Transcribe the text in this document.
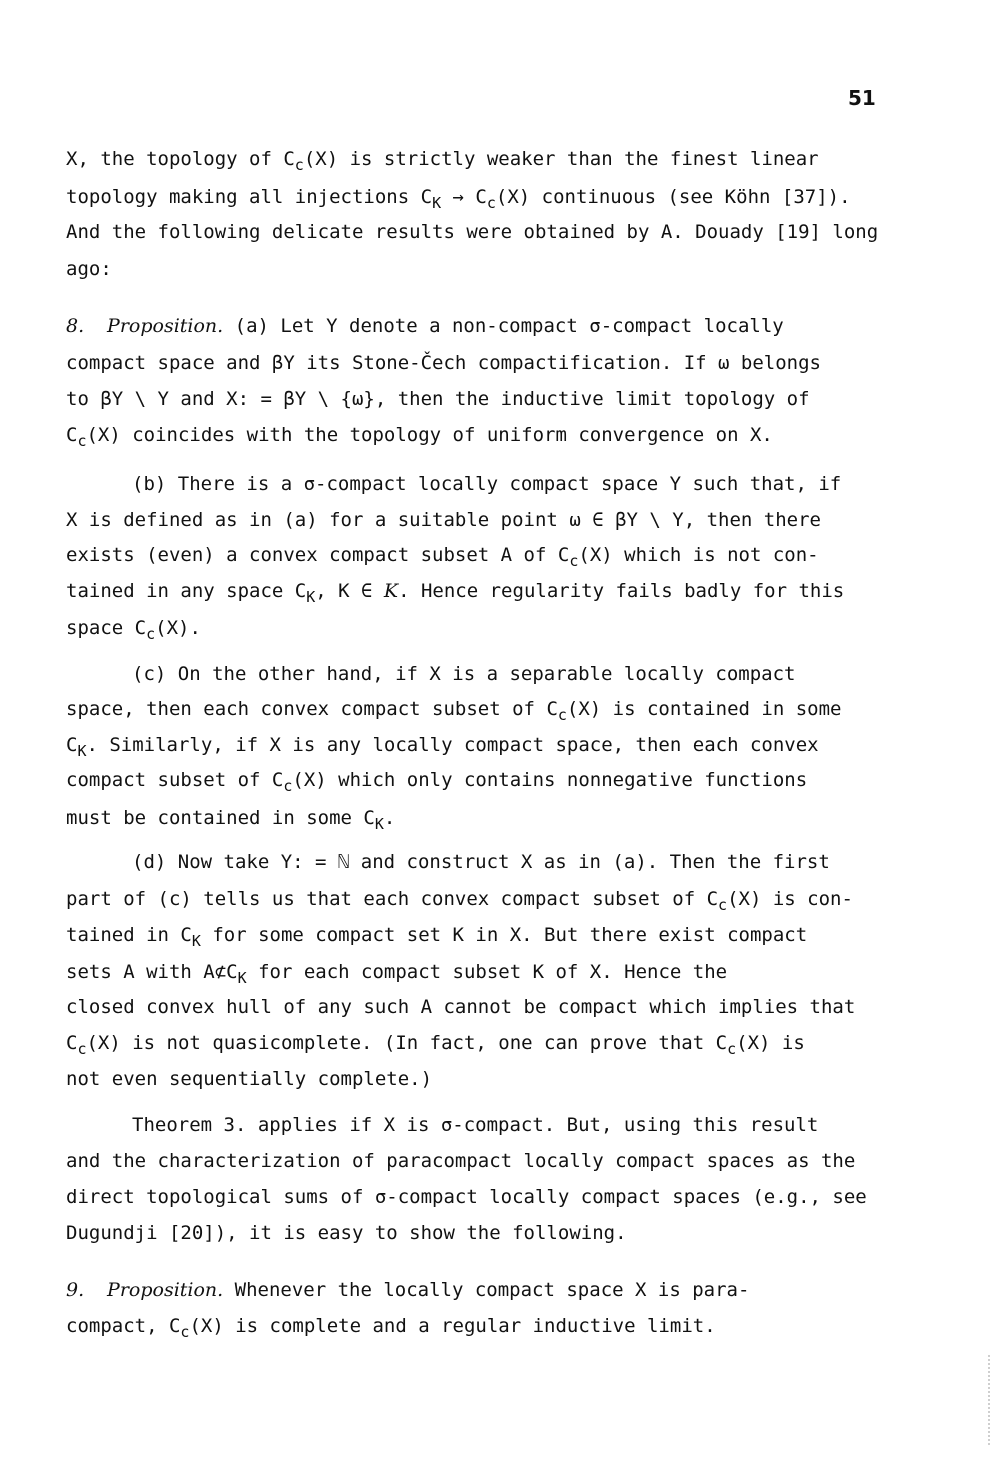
51
X, the topology of $C_c(X)$ is strictly weaker than the finest linear
topology making all injections $C_K \to C_c(X)$ continuous (see Köhn [37]).
And the following delicate results were obtained by A. Douady [19] long
ago:
8. Proposition. (a) Let Y denote a non-compact σ-compact locally
compact space and βY its Stone-Čech compactification. If ω belongs
to βY \ Y and X: = βY \ {ω}, then the inductive limit topology of
$C_c(X)$ coincides with the topology of uniform convergence on X.
(b) There is a σ-compact locally compact space Y such that, if
X is defined as in (a) for a suitable point ω ∈ βY \ Y, then there
exists (even) a convex compact subset A of $C_c(X)$ which is not con-
tained in any space $C_K$, K ∈ K. Hence regularity fails badly for this
space $C_c(X)$.
(c) On the other hand, if X is a separable locally compact
space, then each convex compact subset of $C_c(X)$ is contained in some
$C_K$. Similarly, if X is any locally compact space, then each convex
compact subset of $C_c(X)$ which only contains nonnegative functions
must be contained in some $C_K$.
(d) Now take Y: = ℕ and construct X as in (a). Then the first
part of (c) tells us that each convex compact subset of $C_c(X)$ is con-
tained in $C_K$ for some compact set K in X. But there exist compact
sets A with $A⊄C_K$ for each compact subset K of X. Hence the
closed convex hull of any such A cannot be compact which implies that
$C_c(X)$ is not quasicomplete. (In fact, one can prove that $C_c(X)$ is
not even sequentially complete.)
Theorem 3. applies if X is σ-compact. But, using this result
and the characterization of paracompact locally compact spaces as the
direct topological sums of σ-compact locally compact spaces (e.g., see
Dugundji [20]), it is easy to show the following.
9. Proposition. Whenever the locally compact space X is para-
compact, $C_c(X)$ is complete and a regular inductive limit.
